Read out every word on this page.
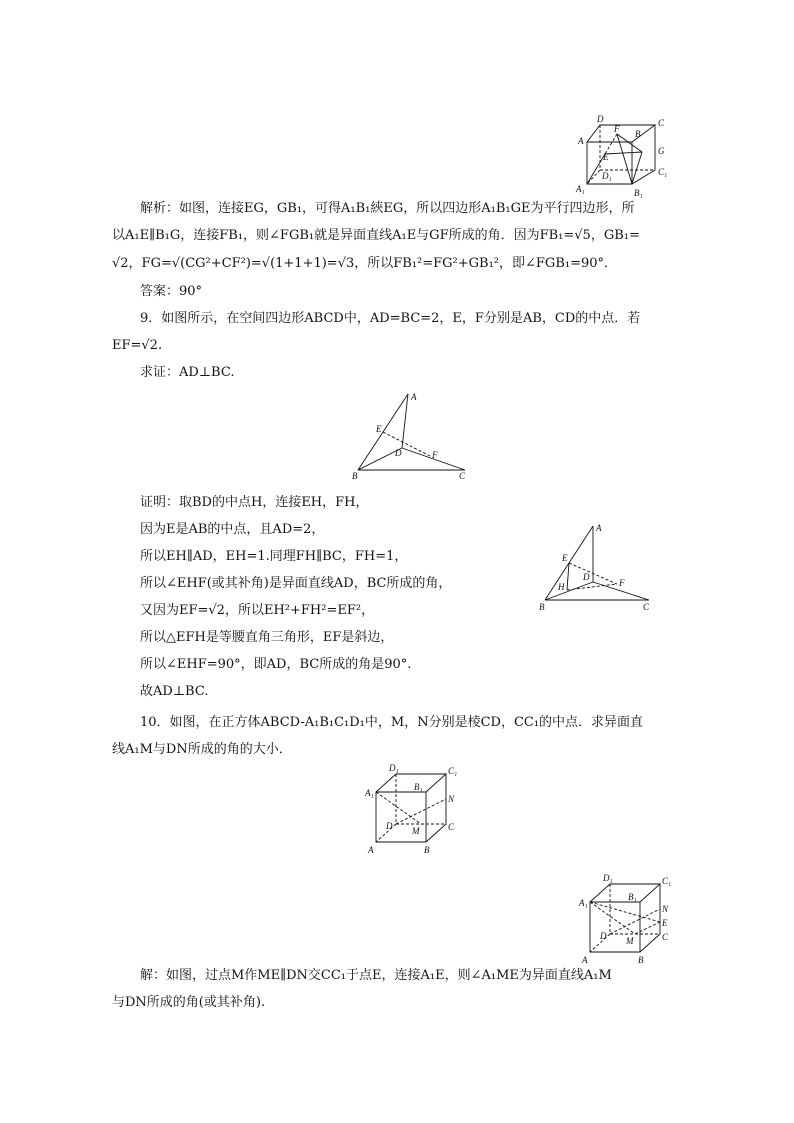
D
A
F B
C
E
G
D₁	C₁
A₁	B₁
解析：如图，连接EG，GB₁，可得A₁B₁綊EG，所以四边形A₁B₁GE为平行四边形，所
以A₁E∥B₁G，连接FB₁，则∠FGB₁就是异面直线A₁E与GF所成的角．因为FB₁=√5，GB₁=
√2，FG=√(CG²+CF²)=√(1+1+1)=√3，所以FB₁²=FG²+GB₁²，即∠FGB₁=90°．
答案：90°
9．如图所示，在空间四边形ABCD中，AD=BC=2，E，F分别是AB，CD的中点．若
EF=√2.
求证：AD⊥BC.
A
E
D	F
B	C
证明：取BD的中点H，连接EH，FH，
因为E是AB的中点，且AD=2，
所以EH∥AD，EH=1.同理FH∥BC，FH=1，
所以∠EHF(或其补角)是异面直线AD，BC所成的角，
又因为EF=√2，所以EH²+FH²=EF²，
所以△EFH是等腰直角三角形，EF是斜边，
所以∠EHF=90°，即AD，BC所成的角是90°.
故AD⊥BC.
A
E
H
D
F
B	C
10．如图，在正方体ABCD-A₁B₁C₁D₁中，M，N分别是棱CD，CC₁的中点．求异面直
线A₁M与DN所成的角的大小．
D₁	C₁
A₁
B₁
N
D M	C
A	B
D₁	C₁
A₁
B₁
N
E
D M	C
A	B
解：如图，过点M作ME∥DN交CC₁于点E，连接A₁E，则∠A₁ME为异面直线A₁M
与DN所成的角(或其补角).
